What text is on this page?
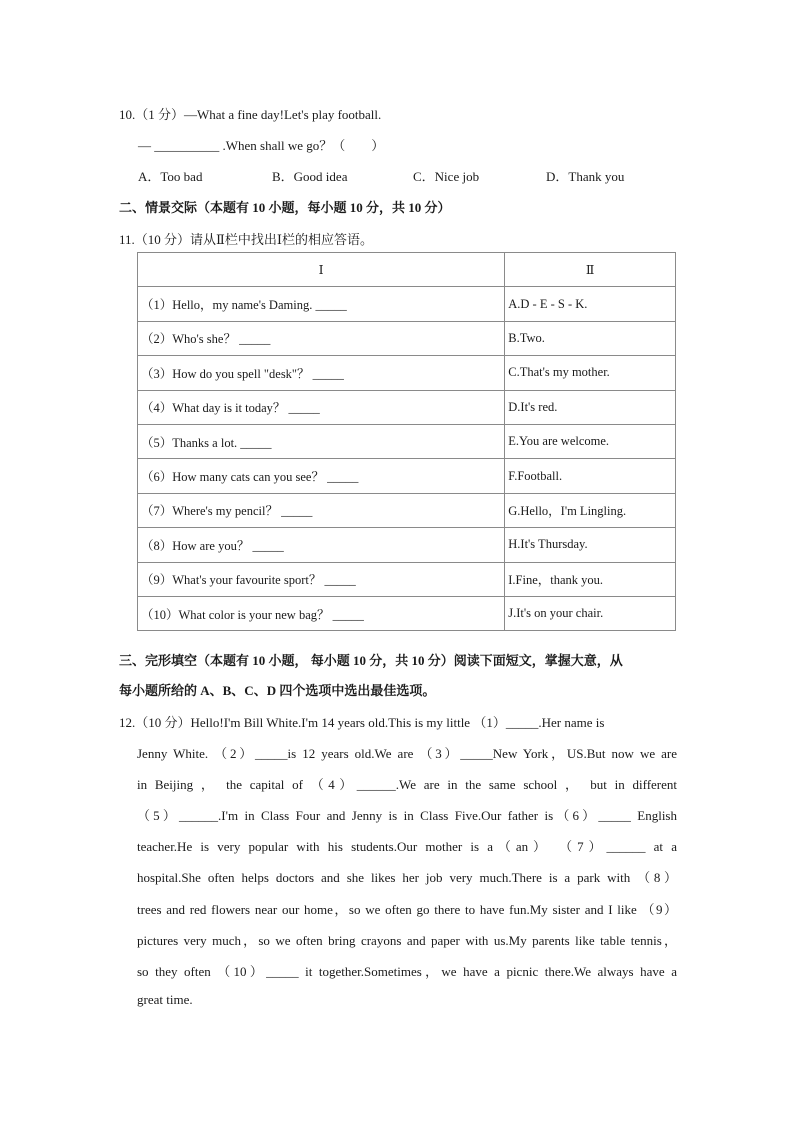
10.（1 分）—What a fine day!Let's play football.
— __________ .When shall we go？（　　）
A．Too bad	B．Good idea	C．Nice job	D．Thank you
二、情景交际（本题有 10 小题，每小题 10 分，共 10 分）
11.（10 分）请从Ⅱ栏中找出Ⅰ栏的相应答语。
Ⅰ	Ⅱ
（1）Hello，my name's Daming. _____	A.D - E - S - K.
（2）Who's she？ _____	B.Two.
（3）How do you spell "desk"？ _____	C.That's my mother.
（4）What day is it today？ _____	D.It's red.
（5）Thanks a lot. _____	E.You are welcome.
（6）How many cats can you see？ _____	F.Football.
（7）Where's my pencil？ _____	G.Hello，I'm Lingling.
（8）How are you？ _____	H.It's Thursday.
（9）What's your favourite sport？ _____	I.Fine，thank you.
（10）What color is your new bag？ _____	J.It's on your chair.
三、完形填空（本题有 10 小题， 每小题 10 分，共 10 分）阅读下面短文，掌握大意，从
每小题所给的 A、B、C、D 四个选项中选出最佳选项。
12.（10 分）Hello!I'm Bill White.I'm 14 years old.This is my little （1）_____.Her name is
Jenny White. （2）_____is 12 years old.We are （3）_____New York，US.But now we are
in Beijing ， the capital of （4）______.We are in the same school ， but in different
（5）______.I'm in Class Four and Jenny is in Class Five.Our father is（6）_____ English
teacher.He is very popular with his students.Our mother is a（an） （7）______ at a
hospital.She often helps doctors and she likes her job very much.There is a park with （8）
trees and red flowers near our home，so we often go there to have fun.My sister and I like （9）
pictures very much，so we often bring crayons and paper with us.My parents like table tennis，
so they often （10）_____ it together.Sometimes，we have a picnic there.We always have a
great time.
